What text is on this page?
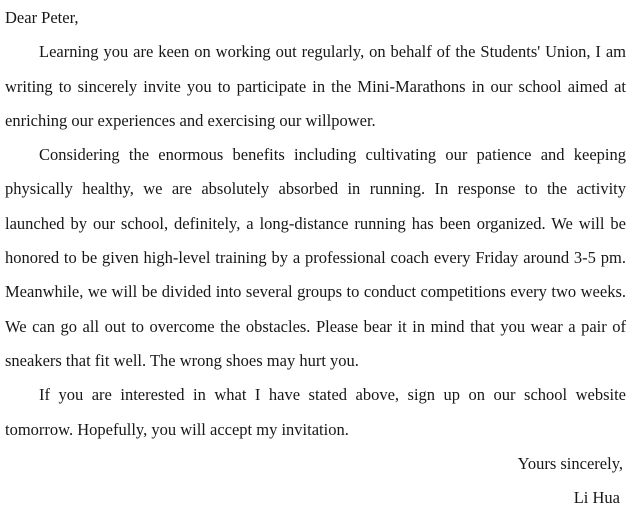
Dear Peter,

Learning you are keen on working out regularly, on behalf of the Students' Union, I am writing to sincerely invite you to participate in the Mini-Marathons in our school aimed at enriching our experiences and exercising our willpower.

Considering the enormous benefits including cultivating our patience and keeping physically healthy, we are absolutely absorbed in running. In response to the activity launched by our school, definitely, a long-distance running has been organized. We will be honored to be given high-level training by a professional coach every Friday around 3-5 pm. Meanwhile, we will be divided into several groups to conduct competitions every two weeks. We can go all out to overcome the obstacles. Please bear it in mind that you wear a pair of sneakers that fit well. The wrong shoes may hurt you.

If you are interested in what I have stated above, sign up on our school website tomorrow. Hopefully, you will accept my invitation.

Yours sincerely,

Li Hua
